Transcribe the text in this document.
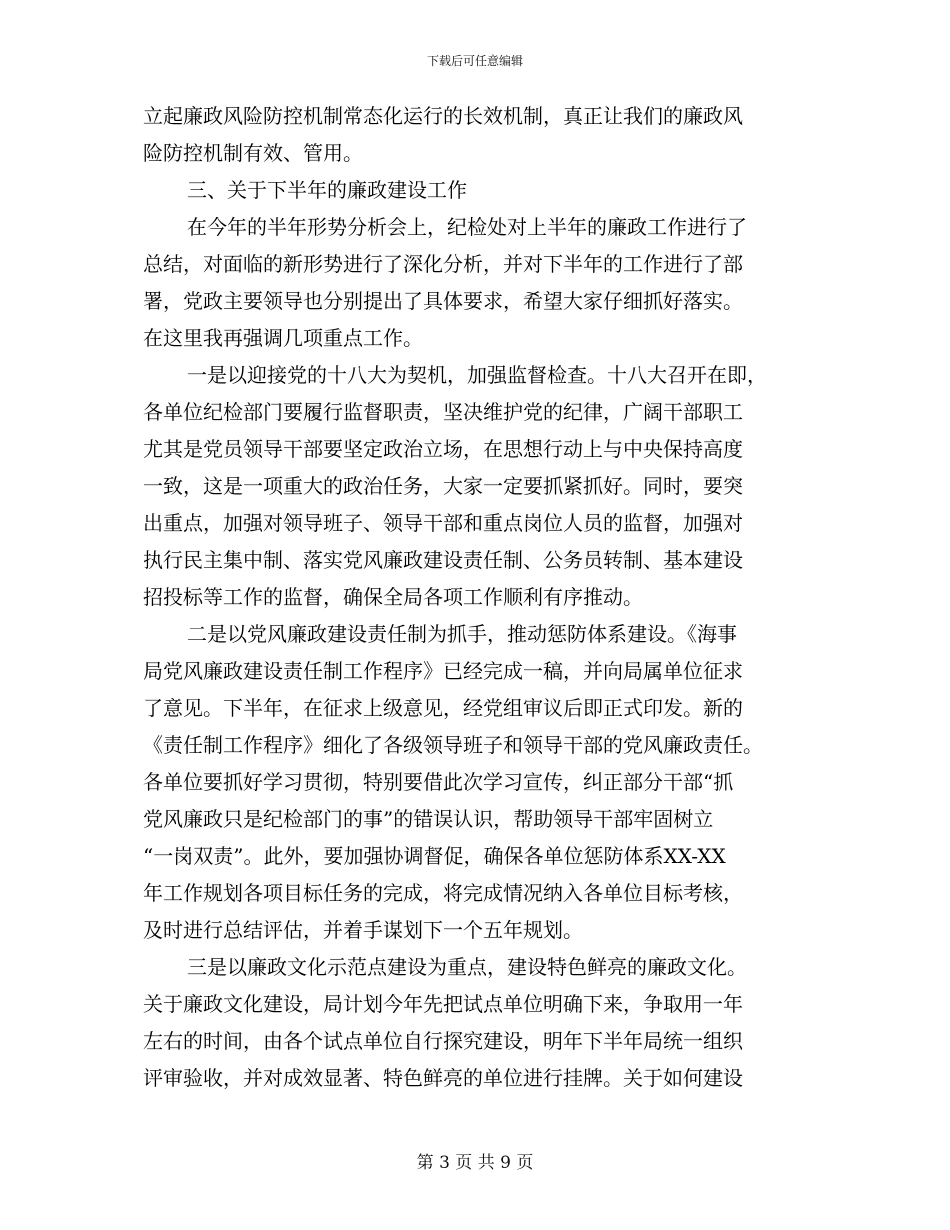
下载后可任意编辑
立起廉政风险防控机制常态化运行的长效机制，真正让我们的廉政风
险防控机制有效、管用。
三、关于下半年的廉政建设工作
在今年的半年形势分析会上，纪检处对上半年的廉政工作进行了
总结，对面临的新形势进行了深化分析，并对下半年的工作进行了部
署，党政主要领导也分别提出了具体要求，希望大家仔细抓好落实。
在这里我再强调几项重点工作。
一是以迎接党的十八大为契机，加强监督检查。十八大召开在即，
各单位纪检部门要履行监督职责，坚决维护党的纪律，广阔干部职工
尤其是党员领导干部要坚定政治立场，在思想行动上与中央保持高度
一致，这是一项重大的政治任务，大家一定要抓紧抓好。同时，要突
出重点，加强对领导班子、领导干部和重点岗位人员的监督，加强对
执行民主集中制、落实党风廉政建设责任制、公务员转制、基本建设
招投标等工作的监督，确保全局各项工作顺利有序推动。
二是以党风廉政建设责任制为抓手，推动惩防体系建设。《海事
局党风廉政建设责任制工作程序》已经完成一稿，并向局属单位征求
了意见。下半年，在征求上级意见，经党组审议后即正式印发。新的
《责任制工作程序》细化了各级领导班子和领导干部的党风廉政责任。
各单位要抓好学习贯彻，特别要借此次学习宣传，纠正部分干部“抓
党风廉政只是纪检部门的事”的错误认识，帮助领导干部牢固树立
“一岗双责”。此外，要加强协调督促，确保各单位惩防体系XX-XX
年工作规划各项目标任务的完成，将完成情况纳入各单位目标考核，
及时进行总结评估，并着手谋划下一个五年规划。
三是以廉政文化示范点建设为重点，建设特色鲜亮的廉政文化。
关于廉政文化建设，局计划今年先把试点单位明确下来，争取用一年
左右的时间，由各个试点单位自行探究建设，明年下半年局统一组织
评审验收，并对成效显著、特色鲜亮的单位进行挂牌。关于如何建设
第 3 页 共 9 页
